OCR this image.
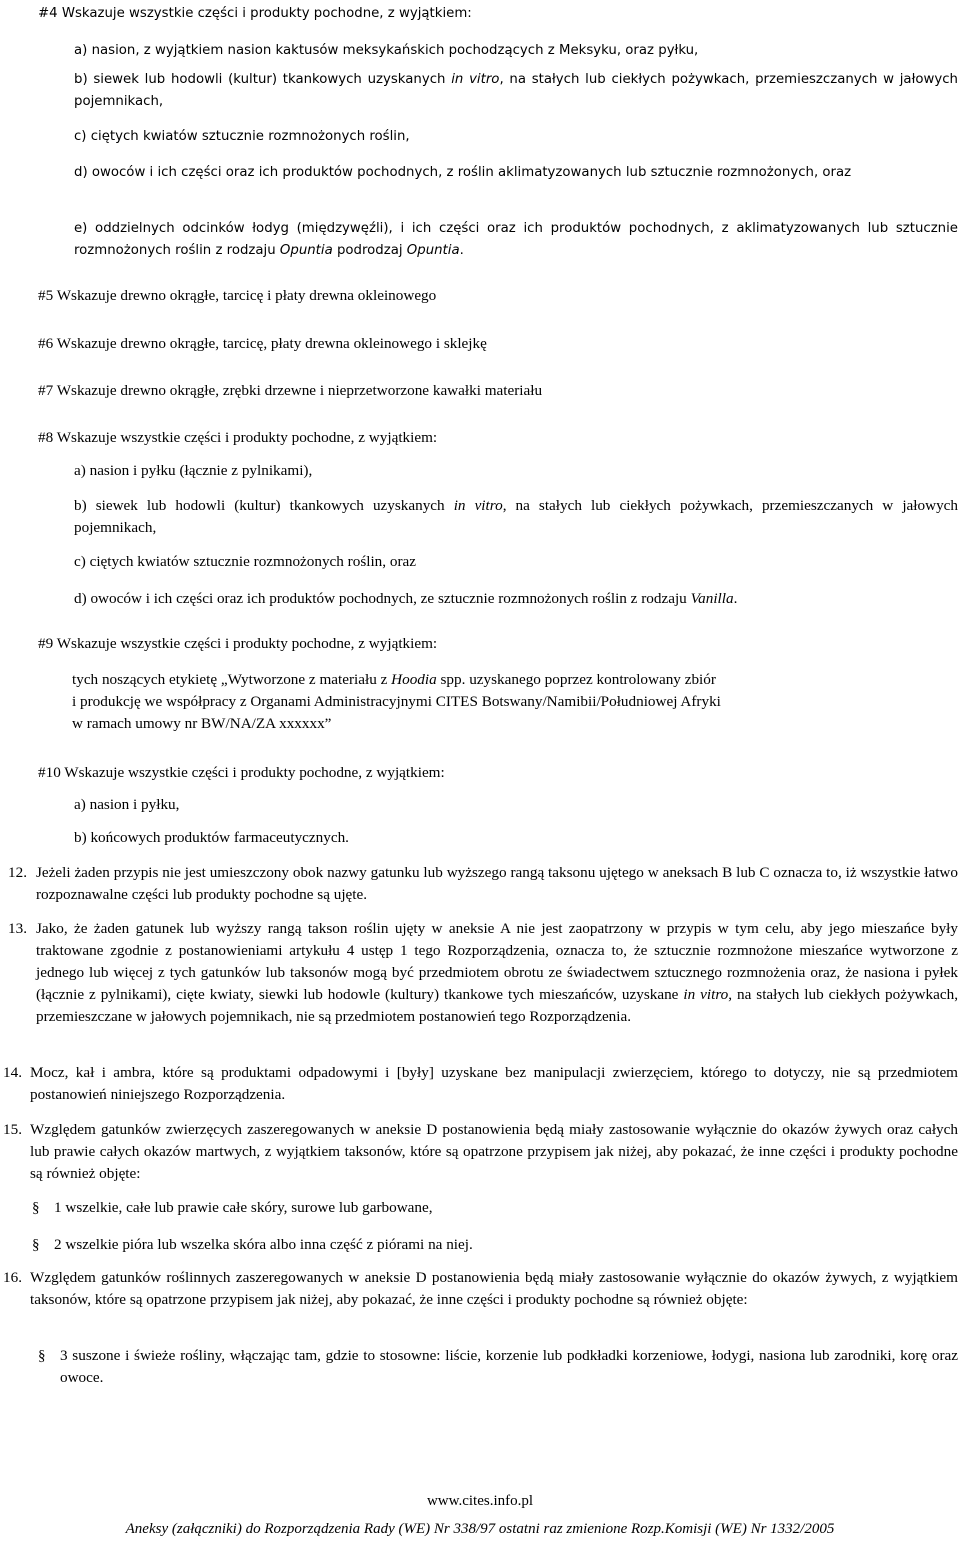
#4 Wskazuje wszystkie części i produkty pochodne, z wyjątkiem:

a) nasion, z wyjątkiem nasion kaktusów meksykańskich pochodzących z Meksyku, oraz pyłku,

b) siewek lub hodowli (kultur) tkankowych uzyskanych in vitro, na stałych lub ciekłych pożywkach, przemieszczanych w jałowych pojemnikach,

c) ciętych kwiatów sztucznie rozmnożonych roślin,

d) owoców i ich części oraz ich produktów pochodnych, z roślin aklimatyzowanych lub sztucznie rozmnożonych, oraz

e) oddzielnych odcinków łodyg (międzywęźli), i ich części oraz ich produktów pochodnych, z aklimatyzowanych lub sztucznie rozmnożonych roślin z rodzaju Opuntia podrodzaj Opuntia.

#5 Wskazuje drewno okrągłe, tarcicę i płaty drewna okleinowego

#6 Wskazuje drewno okrągłe, tarcicę, płaty drewna okleinowego i sklejkę

#7 Wskazuje drewno okrągłe, zrębki drzewne i nieprzetworzone kawałki materiału

#8 Wskazuje wszystkie części i produkty pochodne, z wyjątkiem:

a) nasion i pyłku (łącznie z pylnikami),

b) siewek lub hodowli (kultur) tkankowych uzyskanych in vitro, na stałych lub ciekłych pożywkach, przemieszczanych w jałowych pojemnikach,

c) ciętych kwiatów sztucznie rozmnożonych roślin, oraz

d) owoców i ich części oraz ich produktów pochodnych, ze sztucznie rozmnożonych roślin z rodzaju Vanilla.

#9 Wskazuje wszystkie części i produkty pochodne, z wyjątkiem:

tych noszących etykietę „Wytworzone z materiału z Hoodia spp. uzyskanego poprzez kontrolowany zbiór

i produkcję we współpracy z Organami Administracyjnymi CITES Botswany/Namibii/Południowej Afryki

w ramach umowy nr BW/NA/ZA xxxxxx”

#10 Wskazuje wszystkie części i produkty pochodne, z wyjątkiem:

a) nasion i pyłku,

b) końcowych produktów farmaceutycznych.

12. Jeżeli żaden przypis nie jest umieszczony obok nazwy gatunku lub wyższego rangą taksonu ujętego w aneksach B lub C oznacza to, iż wszystkie łatwo rozpoznawalne części lub produkty pochodne są ujęte.
13. Jako, że żaden gatunek lub wyższy rangą takson roślin ujęty w aneksie A nie jest zaopatrzony w przypis w tym celu, aby jego mieszańce były traktowane zgodnie z postanowieniami artykułu 4 ustęp 1 tego Rozporządzenia, oznacza to, że sztucznie rozmnożone mieszańce wytworzone z jednego lub więcej z tych gatunków lub taksonów mogą być przedmiotem obrotu ze świadectwem sztucznego rozmnożenia oraz, że nasiona i pyłek (łącznie z pylnikami), cięte kwiaty, siewki lub hodowle (kultury) tkankowe tych mieszańców, uzyskane in vitro, na stałych lub ciekłych pożywkach, przemieszczane w jałowych pojemnikach, nie są przedmiotem postanowień tego Rozporządzenia.
14. Mocz, kał i ambra, które są produktami odpadowymi i [były] uzyskane bez manipulacji zwierzęciem, którego to dotyczy, nie są przedmiotem postanowień niniejszego Rozporządzenia.
15. Względem gatunków zwierzęcych zaszeregowanych w aneksie D postanowienia będą miały zastosowanie wyłącznie do okazów żywych oraz całych lub prawie całych okazów martwych, z wyjątkiem taksonów, które są opatrzone przypisem jak niżej, aby pokazać, że inne części i produkty pochodne są również objęte:
§ 1 wszelkie, całe lub prawie całe skóry, surowe lub garbowane,
§ 2 wszelkie pióra lub wszelka skóra albo inna część z piórami na niej.
16. Względem gatunków roślinnych zaszeregowanych w aneksie D postanowienia będą miały zastosowanie wyłącznie do okazów żywych, z wyjątkiem taksonów, które są opatrzone przypisem jak niżej, aby pokazać, że inne części i produkty pochodne są również objęte:
§ 3 suszone i świeże rośliny, włączając tam, gdzie to stosowne: liście, korzenie lub podkładki korzeniowe, łodygi, nasiona lub zarodniki, korę oraz owoce.
www.cites.info.pl
Aneksy (załączniki) do Rozporządzenia Rady (WE) Nr 338/97 ostatni raz zmienione Rozp.Komisji (WE) Nr 1332/2005
